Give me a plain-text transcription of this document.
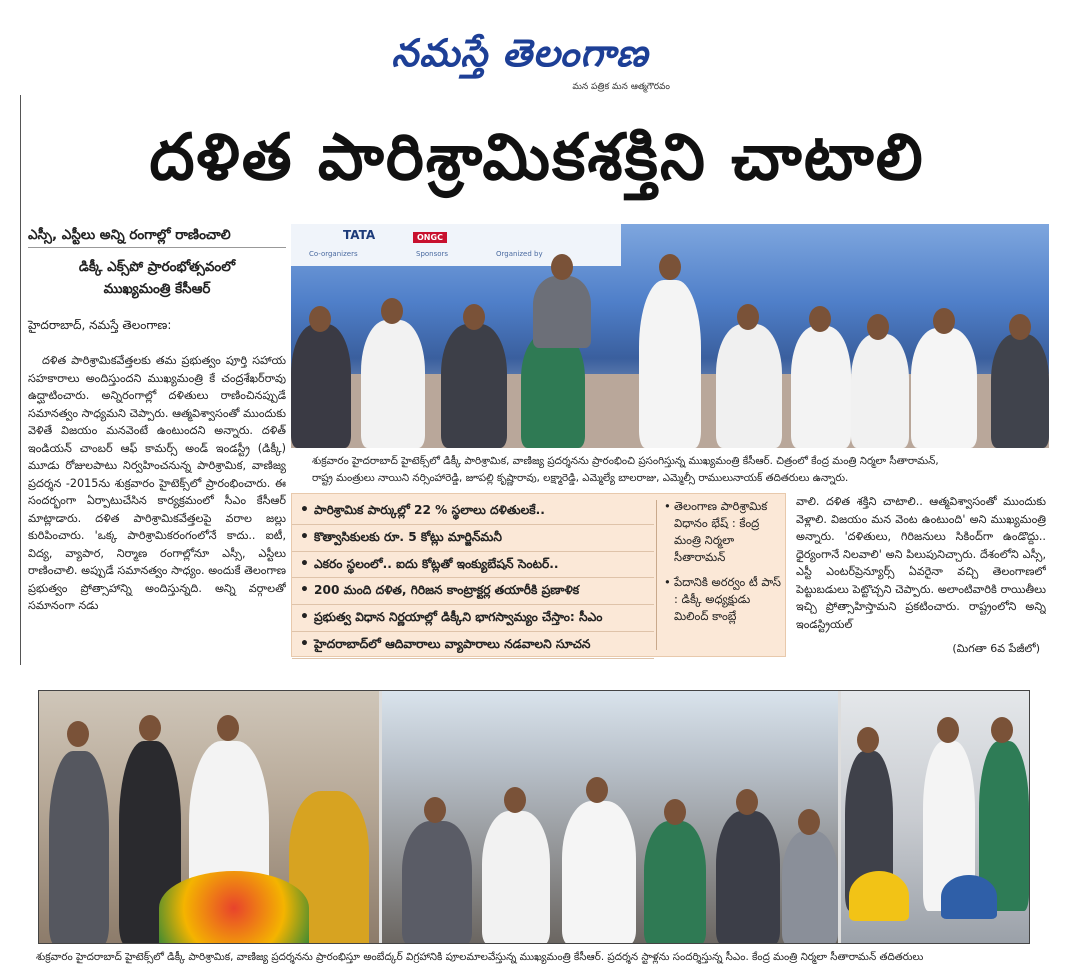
నమస్తే తెలంగాణ
మన పత్రిక మన ఆత్మగౌరవం
దళిత పారిశ్రామికశక్తిని చాటాలి
ఎస్సీ, ఎస్టీలు అన్ని రంగాల్లో రాణించాలి
డిక్కీ ఎక్స్‌పో ప్రారంభోత్సవంలో
ముఖ్యమంత్రి కేసీఆర్
హైదరాబాద్, నమస్తే తెలంగాణ:
దళిత పారిశ్రామికవేత్తలకు తమ ప్రభుత్వం పూర్తి సహాయ సహకారాలు అందిస్తుందని ముఖ్యమంత్రి కే చంద్రశేఖర్‌రావు ఉద్ఘాటించారు. అన్నిరంగాల్లో దళితులు రాణించినప్పుడే సమానత్వం సాధ్యమని చెప్పారు. ఆత్మవిశ్వాసంతో ముందుకు వెళితే విజయం మనవెంటే ఉంటుందని అన్నారు. దళిత్ ఇండియన్ చాంబర్ ఆఫ్ కామర్స్ అండ్ ఇండస్ట్రీ (డిక్కీ) మూడు రోజులపాటు నిర్వహించనున్న పారిశ్రామిక, వాణిజ్య ప్రదర్శన -2015ను శుక్రవారం హైటెక్స్‌లో ప్రారంభించారు. ఈ సందర్భంగా ఏర్పాటుచేసిన కార్యక్రమంలో సీఎం కేసీఆర్ మాట్లాడారు. దళిత పారిశ్రామికవేత్తలపై వరాల జల్లు కురిపించారు. 'ఒక్క పారిశ్రామికరంగంలోనే కాదు.. ఐటీ, విద్య, వ్యాపార, నిర్మాణ రంగాల్లోనూ ఎస్సీ, ఎస్టీలు రాణించాలి. అప్పుడే సమానత్వం సాధ్యం. అందుకే తెలంగాణ ప్రభుత్వం ప్రోత్సాహాన్ని అందిస్తున్నది. అన్ని వర్గాలతో సమానంగా నడు
Co-organizers
TATA	ONGC
Sponsors	Organized by
శుక్రవారం హైదరాబాద్ హైటెక్స్‌లో డిక్కీ పారిశ్రామిక, వాణిజ్య ప్రదర్శనను ప్రారంభించి ప్రసంగిస్తున్న ముఖ్యమంత్రి కేసీఆర్. చిత్రంలో కేంద్ర మంత్రి నిర్మలా సీతారామన్,
రాష్ట్ర మంత్రులు నాయిని నర్సింహారెడ్డి, జూపల్లి కృష్ణారావు, లక్ష్మారెడ్డి, ఎమ్మెల్యే బాలరాజు, ఎమ్మెల్సీ రాములునాయక్ తదితరులు ఉన్నారు.
• పారిశ్రామిక పార్కుల్లో 22 % స్థలాలు దళితులకే..
• కొత్వాసికులకు రూ. 5 కోట్లు మార్జిన్‌మనీ
• ఎకరం స్థలంలో.. ఐదు కోట్లతో ఇంక్యుబేషన్ సెంటర్..
• 200 మంది దళిత, గిరిజన కాంట్రాక్టర్ల తయారీకి ప్రణాళిక
• ప్రభుత్వ విధాన నిర్ణయాల్లో డిక్కీని భాగస్వామ్యం చేస్తాం: సీఎం
• హైదరాబాద్‌లో ఆదివారాలు వ్యాపారాలు నడవాలని సూచన
• తెలంగాణ పారిశ్రామిక విధానం భేష్ : కేంద్ర మంత్రి నిర్మలా సీతారామన్
• పేదానికి అరర్వం టీ పాస్ : డిక్కీ అధ్యక్షుడు మిలింద్ కాంబ్లే
వాలి. దళిత శక్తిని చాటాలి.. ఆత్మవిశ్వాసంతో ముందుకు వెళ్లాలి. విజయం మన వెంట ఉంటుంది' అని ముఖ్యమంత్రి అన్నారు. 'దళితులు, గిరిజనులు సికింద్‌గా ఉండొద్దు.. ధైర్యంగానే నిలవాలి' అని పిలుపునిచ్చారు. దేశంలోని ఎస్సీ, ఎస్టీ ఎంటర్‌ప్రెన్యూర్స్ ఏవరైనా వచ్చి తెలంగాణలో పెట్టుబడులు పెట్టొచ్చని చెప్పారు. అలాంటివారికి రాయితీలు ఇచ్చి ప్రోత్సాహిస్తామని ప్రకటించారు. రాష్ట్రంలోని అన్ని ఇండస్ట్రియల్
(మిగతా 6వ పేజీలో)
శుక్రవారం హైదరాబాద్ హైటెక్స్‌లో డిక్కీ పారిశ్రామిక, వాణిజ్య ప్రదర్శనను ప్రారంభిస్తూ అంబేద్కర్ విగ్రహానికి పూలమాలవేస్తున్న ముఖ్యమంత్రి కేసీఆర్. ప్రదర్శన స్టాళ్లను సందర్శిస్తున్న సీఎం. కేంద్ర మంత్రి నిర్మలా సీతారామన్ తదితరులు
